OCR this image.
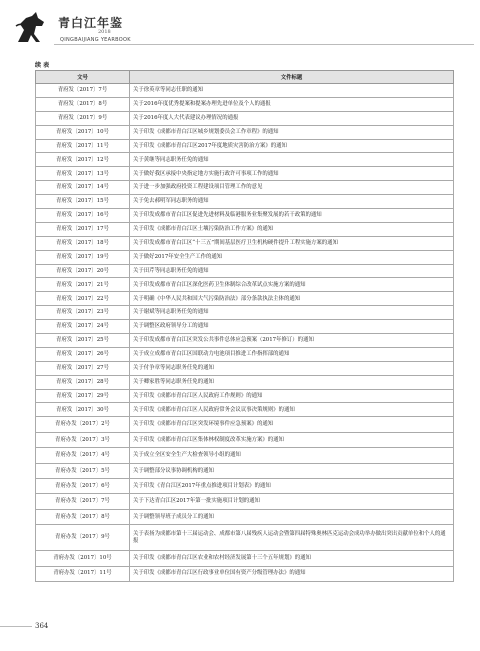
青白江年鉴
2018
QINGBAIJIANG YEARBOOK
续 表
文号	文件标题
青府发〔2017〕7号	关于徐英章等同志任职的通知
青府发〔2017〕8号	关于2016年度优秀提案和提案办理先进单位及个人的通报
青府发〔2017〕9号	关于2016年度人大代表建议办理情况的通报
青府发〔2017〕10号	关于印发《成都市青白江区城乡规划委员会工作章程》的通知
青府发〔2017〕11号	关于印发《成都市青白江区2017年度地质灾害防治方案》的通知
青府发〔2017〕12号	关于黄继等同志职务任免的通知
青府发〔2017〕13号	关于做好我区承接中央指定地方实施行政许可事项工作的通知
青府发〔2017〕14号	关于进一步加强政府投资工程建设项目管理工作的意见
青府发〔2017〕15号	关于免去郝明军同志职务的通知
青府发〔2017〕16号	关于印发成都市青白江区促进先进材料及临港服务业集聚发展的若干政策的通知
青府发〔2017〕17号	关于印发《成都市青白江区土壤污染防治工作方案》的通知
青府发〔2017〕18号	关于印发成都市青白江区“十三五”期间基层医疗卫生机构硬件提升工程实施方案的通知
青府发〔2017〕19号	关于做好2017年安全生产工作的通知
青府发〔2017〕20号	关于田芹等同志职务任免的通知
青府发〔2017〕21号	关于印发成都市青白江区深化医药卫生体制综合改革试点实施方案的通知
青府发〔2017〕22号	关于明确《中华人民共和国大气污染防治法》部分条款执法主体的通知
青府发〔2017〕23号	关于谢斌等同志职务任免的通知
青府发〔2017〕24号	关于调整区政府领导分工的通知
青府发〔2017〕25号	关于印发成都市青白江区突发公共事件总体应急预案（2017年修订）的通知
青府发〔2017〕26号	关于成立成都市青白江区国联动力电池项目推进工作指挥部的通知
青府发〔2017〕27号	关于付争章等同志职务任免的通知
青府发〔2017〕28号	关于卿家胜等同志职务任免的通知
青府发〔2017〕29号	关于印发《成都市青白江区人民政府工作规则》的通知
青府发〔2017〕30号	关于印发《成都市青白江区人民政府常务会议议事决策规则》的通知
青府办发〔2017〕2号	关于印发《成都市青白江区突发环境事件应急预案》的通知
青府办发〔2017〕3号	关于印发《成都市青白江区集体林权制度改革实施方案》的通知
青府办发〔2017〕4号	关于成立全区安全生产大检查领导小组的通知
青府办发〔2017〕5号	关于调整部分议事协调机构的通知
青府办发〔2017〕6号	关于印发《青白江区2017年重点推进项目计划表》的通知
青府办发〔2017〕7号	关于下达青白江区2017年第一批实施项目计划的通知
青府办发〔2017〕8号	关于调整领导班子成员分工的通知
青府办发〔2017〕9号	关于表扬为成都市第十三届运动会、成都市第八届残疾人运动会暨第四届特殊奥林匹克运动会成功举办做出突出贡献单位和个人的通报
青府办发〔2017〕10号	关于印发《成都市青白江区农业和农村经济发展第十三个五年规划》的通知
青府办发〔2017〕11号	关于印发《成都市青白江区行政事业单位国有资产分级管理办法》的通知
364
